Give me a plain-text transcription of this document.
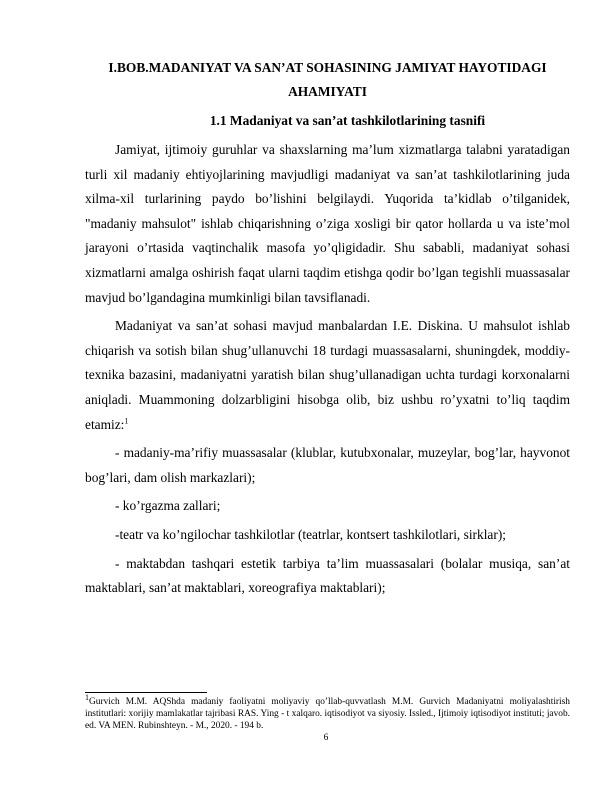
I.BOB.MADANIYAT VA SAN’AT SOHASINING JAMIYAT HAYOTIDAGI
AHAMIYATI
1.1 Madaniyat va san’at tashkilotlarining tasnifi

Jamiyat, ijtimoiy guruhlar va shaxslarning ma’lum xizmatlarga talabni yaratadigan turli xil madaniy ehtiyojlarining mavjudligi madaniyat va san’at tashkilotlarining juda xilma-xil turlarining paydo bo’lishini belgilaydi. Yuqorida ta’kidlab o’tilganidek, "madaniy mahsulot" ishlab chiqarishning o’ziga xosligi bir qator hollarda u va iste’mol jarayoni o’rtasida vaqtinchalik masofa yo’qligidadir. Shu sababli, madaniyat sohasi xizmatlarni amalga oshirish faqat ularni taqdim etishga qodir bo’lgan tegishli muassasalar mavjud bo’lgandagina mumkinligi bilan tavsiflanadi.

Madaniyat va san’at sohasi mavjud manbalardan I.E. Diskina. U mahsulot ishlab chiqarish va sotish bilan shug’ullanuvchi 18 turdagi muassasalarni, shuningdek, moddiy-texnika bazasini, madaniyatni yaratish bilan shug’ullanadigan uchta turdagi korxonalarni aniqladi. Muammoning dolzarbligini hisobga olib, biz ushbu ro’yxatni to’liq taqdim etamiz:$^1$

- madaniy-ma’rifiy muassasalar (klublar, kutubxonalar, muzeylar, bog’lar, hayvonot bog’lari, dam olish markazlari);

- ko’rgazma zallari;

-teatr va ko’ngilochar tashkilotlar (teatrlar, kontsert tashkilotlari, sirklar);

- maktabdan tashqari estetik tarbiya ta’lim muassasalari (bolalar musiqa, san’at maktablari, san’at maktablari, xoreografiya maktablari);

$^1$Gurvich M.M. AQShda madaniy faoliyatni moliyaviy qo’llab-quvvatlash M.M. Gurvich Madaniyatni moliyalashtirish institutlari: xorijiy mamlakatlar tajribasi RAS. Ying - t xalqaro. iqtisodiyot va siyosiy. Issled., Ijtimoiy iqtisodiyot instituti; javob. ed. VA MEN. Rubinshteyn. - M., 2020. - 194 b.
6
